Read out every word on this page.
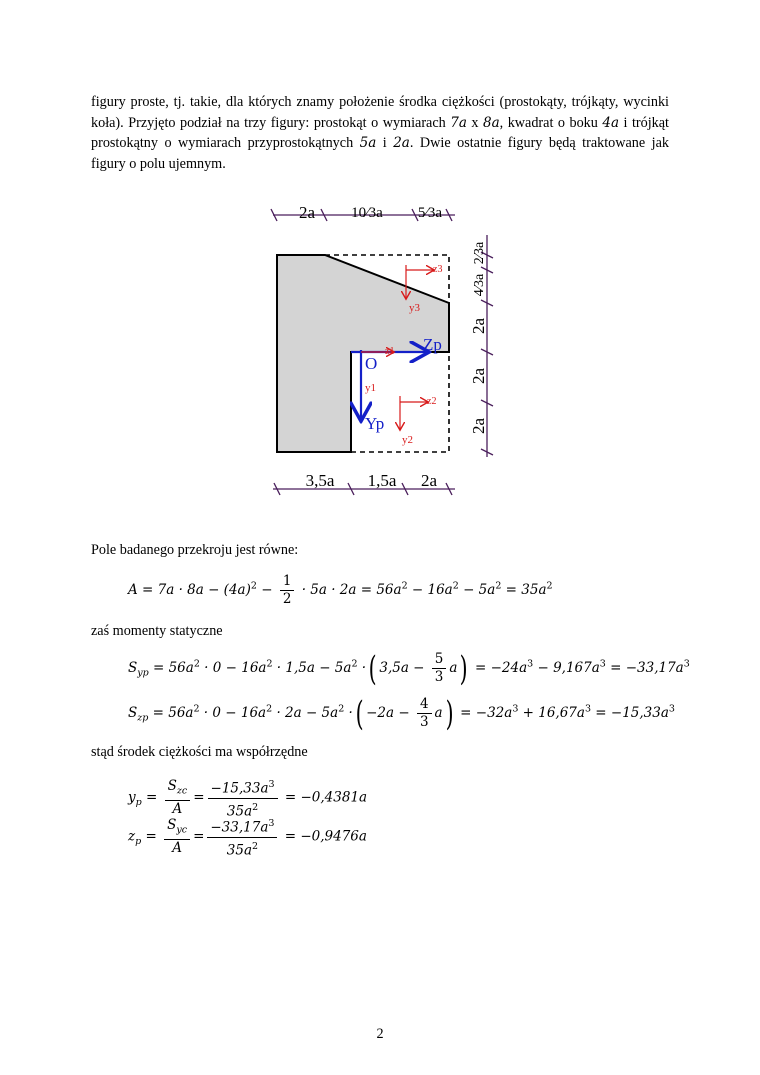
figury proste, tj. takie, dla których znamy położenie środka ciężkości (prostokąty, trójkąty, wycinki koła). Przyjęto podział na trzy figury: prostokąt o wymiarach 7a x 8a, kwadrat o boku 4a i trójkąt prostokątny o wymiarach przyprostokątnych 5a i 2a. Dwie ostatnie figury będą traktowane jak figury o polu ujemnym.
2a 10⁄3a 5⁄3a
3,5a 1,5a 2a
2⁄3a
4⁄3a
2a
2a
2a
O
Zp
Yp
z1
y1
z2
y2
z3
y3
Pole badanego przekroju jest równe:
$A = 7a \cdot 8a - (4a)^2 - \frac{1}{2} \cdot 5a \cdot 2a = 56a^2 - 16a^2 - 5a^2 = 35a^2$
zaś momenty statyczne
$S_{yp} = 56a^2 \cdot 0 - 16a^2 \cdot 1,5a - 5a^2$ ·( $3,5a - \frac{5}{3} a) = -24a^3 - 9,167a^3 = -33,17a^3$
$S_{zp} = 56a^2 \cdot 0 - 16a^2 \cdot 2a - 5a^2$ ·( $-2a - \frac{4}{3} a) = -32a^3 + 16,67a^3 = -15,33a^3$
stąd środek ciężkości ma współrzędne
$y_p = \frac{S_{zc}}{A} = \frac{-15,33a^3}{35a^2} = -0,4381a$
$z_p = \frac{S_{yc}}{A} = \frac{-33,17a^3}{35a^2} = -0,9476a$
2
